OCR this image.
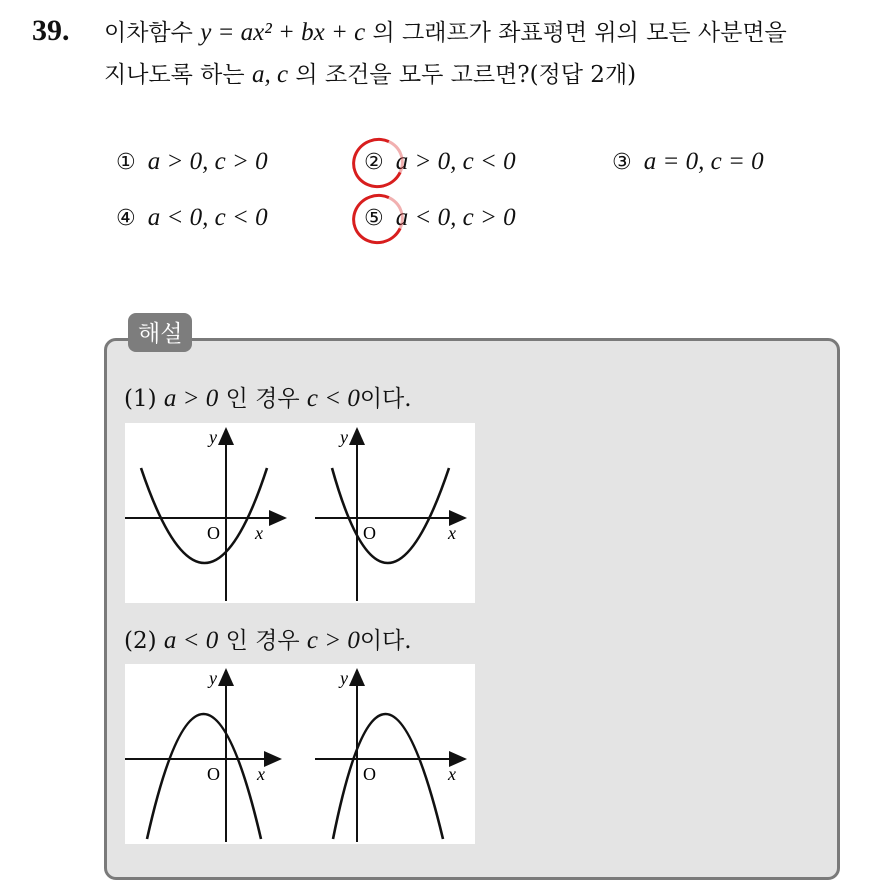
39. 이차함수 y = ax² + bx + c 의 그래프가 좌표평면 위의 모든 사분면을
지나도록 하는 a, c 의 조건을 모두 고르면?(정답 2개)
① a > 0, c > 0	② a > 0, c < 0	③ a = 0, c = 0
④ a < 0, c < 0	⑤ a < 0, c > 0
해설
(1) a > 0 인 경우 c < 0이다.
O x
y
O	x
y
(2) a < 0 인 경우 c > 0이다.
O x
y
O	x
y
